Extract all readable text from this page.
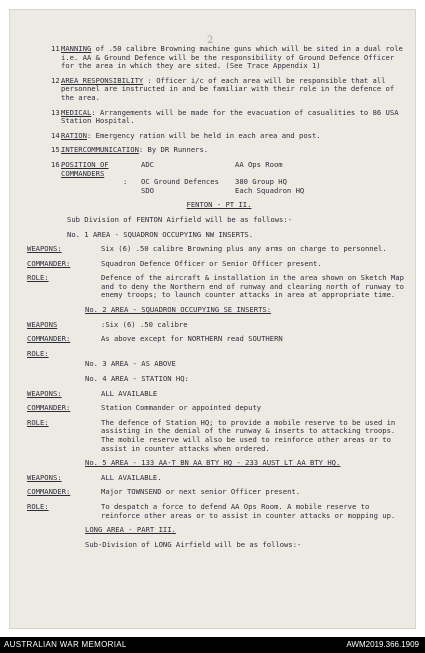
2
11.
MANNING of .50 calibre Browning machine guns which will be sited in a dual role i.e. AA & Ground Defence will be the responsibility of Ground Defence Officer for the area in which they are sited. (See Trace Appendix 1)
12.
AREA RESPONSIBILITY : Officer i/c of each area will be responsible that all personnel are instructed in and be familiar with their role in the defence of the area.
13.
MEDICAL: Arrangements will be made for the evacuation of casualities to 86 USA Station Hospital.
14.
RATION: Emergency ration will be held in each area and post.
15.
INTERCOMMUNICATION: By DR Runners.
16.
POSITION OF COMMANDERS
ADC	AA Ops Room
:	OC Ground Defences	380 Group HQ
SDO	Each Squadron HQ
FENTON - PT II.
Sub Division of FENTON Airfield will be as follows:-
No. 1 AREA - SQUADRON OCCUPYING NW INSERTS.
WEAPONS:	Six (6) .50 calibre Browning plus any arms on charge to personnel.
COMMANDER:	Squadron Defence Officer or Senior Officer present.
ROLE:	Defence of the aircraft & installation in the area shown on Sketch Map and to deny the Northern end of runway and clearing north of runway to enemy troops; to launch counter attacks in area at appropriate time.
No. 2 AREA - SQUADRON OCCUPYING SE INSERTS:
WEAPONS	:Six (6) .50 calibre
COMMANDER:	As above except for NORTHERN read SOUTHERN
ROLE:
No. 3 AREA - AS ABOVE
No. 4 AREA - STATION HQ:
WEAPONS:	ALL AVAILABLE
COMMANDER:	Station Commander or appointed deputy
ROLE:	The defence of Station HQ; to provide a mobile reserve to be used in assisting in the denial of the runway & inserts to attacking troops. The mobile reserve will also be used to reinforce other areas or to assist in counter attacks when ordered.
No. 5 AREA - 133 AA-T BN AA BTY HQ - 233 AUST LT AA BTY HQ.
WEAPONS:	ALL AVAILABLE.
COMMANDER:	Major TOWNSEND or next senior Officer present.
ROLE:	To despatch a force to defend AA Ops Room. A mobile reserve to reinforce other areas or to assist in counter attacks or mopping up.
LONG AREA - PART III.
Sub-Division of LONG Airfield will be as follows:-
AUSTRALIAN WAR MEMORIAL	AWM2019.366.1909
